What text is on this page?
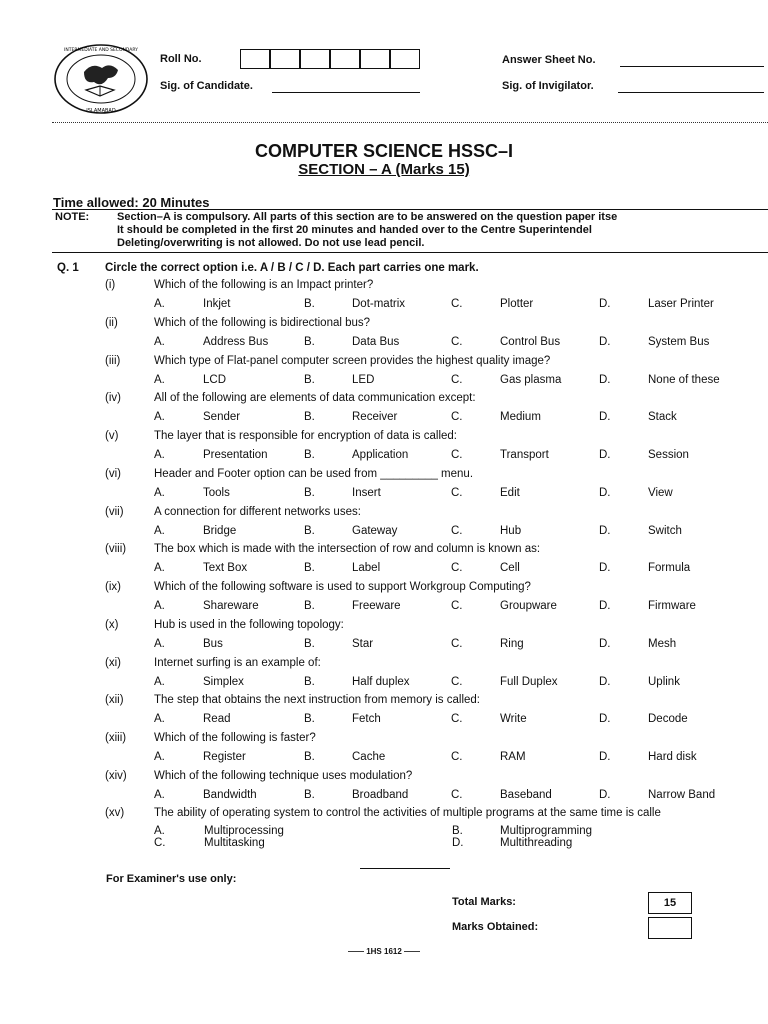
ISLAMABAD
INTERMEDIATE AND SECONDARY
Roll No.
Sig. of Candidate.
Answer Sheet No.
Sig. of Invigilator.
COMPUTER SCIENCE HSSC–I
SECTION – A (Marks 15)
Time allowed: 20 Minutes
NOTE:	Section–A is compulsory. All parts of this section are to be answered on the question paper itse
It should be completed in the first 20 minutes and handed over to the Centre Superintendel
Deleting/overwriting is not allowed. Do not use lead pencil.
Q. 1 Circle the correct option i.e. A / B / C / D. Each part carries one mark.
(i)	Which of the following is an Impact printer?
A.	Inkjet	B.	Dot-matrix	C.	Plotter	D.	Laser Printer
(ii)	Which of the following is bidirectional bus?
A.	Address Bus	B.	Data Bus	C.	Control Bus	D.	System Bus
(iii)	Which type of Flat-panel computer screen provides the highest quality image?
A.	LCD	B.	LED	C.	Gas plasma	D.	None of these
(iv)	All of the following are elements of data communication except:
A.	Sender	B.	Receiver	C.	Medium	D.	Stack
(v)	The layer that is responsible for encryption of data is called:
A.	Presentation	B.	Application	C.	Transport	D.	Session
(vi)	Header and Footer option can be used from _________ menu.
A.	Tools	B.	Insert	C.	Edit	D.	View
(vii)	A connection for different networks uses:
A.	Bridge	B.	Gateway	C.	Hub	D.	Switch
(viii) The box which is made with the intersection of row and column is known as:
A.	Text Box	B.	Label	C.	Cell	D.	Formula
(ix)	Which of the following software is used to support Workgroup Computing?
A.	Shareware	B.	Freeware	C.	Groupware	D.	Firmware
(x)	Hub is used in the following topology:
A.	Bus	B.	Star	C.	Ring	D.	Mesh
(xi)	Internet surfing is an example of:
A.	Simplex	B.	Half duplex	C.	Full Duplex	D.	Uplink
(xii)	The step that obtains the next instruction from memory is called:
A.	Read	B.	Fetch	C.	Write	D.	Decode
(xiii) Which of the following is faster?
A.	Register	B.	Cache	C.	RAM	D.	Hard disk
(xiv) Which of the following technique uses modulation?
A.	Bandwidth	B.	Broadband	C.	Baseband	D.	Narrow Band
(xv)	The ability of operating system to control the activities of multiple programs at the same time is calle
A.	Multiprocessing	B.	Multiprogramming
C.	Multitasking	D.	Multithreading
For Examiner's use only:
Total Marks:	15
Marks Obtained:
—— 1HS 1612 ——
